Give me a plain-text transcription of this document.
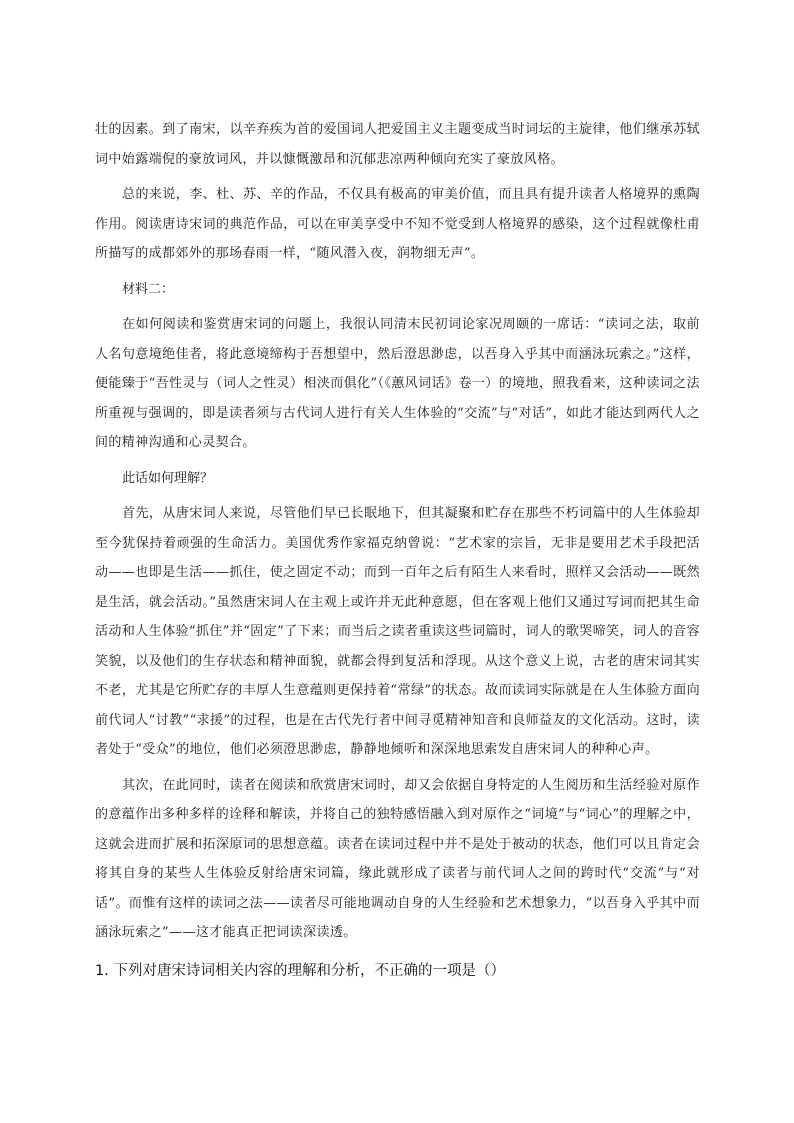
壮的因素。到了南宋，以辛弃疾为首的爱国词人把爱国主义主题变成当时词坛的主旋律，他们继承苏轼词中始露端倪的豪放词风，并以慷慨激昂和沉郁悲凉两种倾向充实了豪放风格。

总的来说，李、杜、苏、辛的作品，不仅具有极高的审美价值，而且具有提升读者人格境界的熏陶作用。阅读唐诗宋词的典范作品，可以在审美享受中不知不觉受到人格境界的感染，这个过程就像杜甫所描写的成都郊外的那场春雨一样，“随风潜入夜，润物细无声”。

材料二：

在如何阅读和鉴赏唐宋词的问题上，我很认同清末民初词论家况周颐的一席话：“读词之法，取前人名句意境绝佳者，将此意境缔构于吾想望中，然后澄思渺虑，以吾身入乎其中而涵泳玩索之。”这样，便能臻于“吾性灵与（词人之性灵）相浃而俱化”（《蕙风词话》卷一）的境地，照我看来，这种读词之法所重视与强调的，即是读者须与古代词人进行有关人生体验的“交流”与“对话”，如此才能达到两代人之间的精神沟通和心灵契合。

此话如何理解？

首先，从唐宋词人来说，尽管他们早已长眠地下，但其凝聚和贮存在那些不朽词篇中的人生体验却至今犹保持着顽强的生命活力。美国优秀作家福克纳曾说：“艺术家的宗旨，无非是要用艺术手段把活动——也即是生活——抓住，使之固定不动；而到一百年之后有陌生人来看时，照样又会活动——既然是生活，就会活动。”虽然唐宋词人在主观上或许并无此种意愿，但在客观上他们又通过写词而把其生命活动和人生体验“抓住”并“固定”了下来；而当后之读者重读这些词篇时，词人的歌哭啼笑，词人的音容笑貌，以及他们的生存状态和精神面貌，就都会得到复活和浮现。从这个意义上说，古老的唐宋词其实不老，尤其是它所贮存的丰厚人生意蕴则更保持着“常绿”的状态。故而读词实际就是在人生体验方面向前代词人“讨教”“求援”的过程，也是在古代先行者中间寻觅精神知音和良师益友的文化活动。这时，读者处于“受众”的地位，他们必须澄思渺虑，静静地倾听和深深地思索发自唐宋词人的种种心声。

其次，在此同时，读者在阅读和欣赏唐宋词时，却又会依据自身特定的人生阅历和生活经验对原作的意蕴作出多种多样的诠释和解读，并将自己的独特感悟融入到对原作之“词境”与“词心”的理解之中，这就会进而扩展和拓深原词的思想意蕴。读者在读词过程中并不是处于被动的状态，他们可以且肯定会将其自身的某些人生体验反射给唐宋词篇，缘此就形成了读者与前代词人之间的跨时代“交流”与“对话”。而惟有这样的读词之法——读者尽可能地调动自身的人生经验和艺术想象力，“以吾身入乎其中而涵泳玩索之”——这才能真正把词读深读透。

1. 下列对唐宋诗词相关内容的理解和分析，不正确的一项是（）
